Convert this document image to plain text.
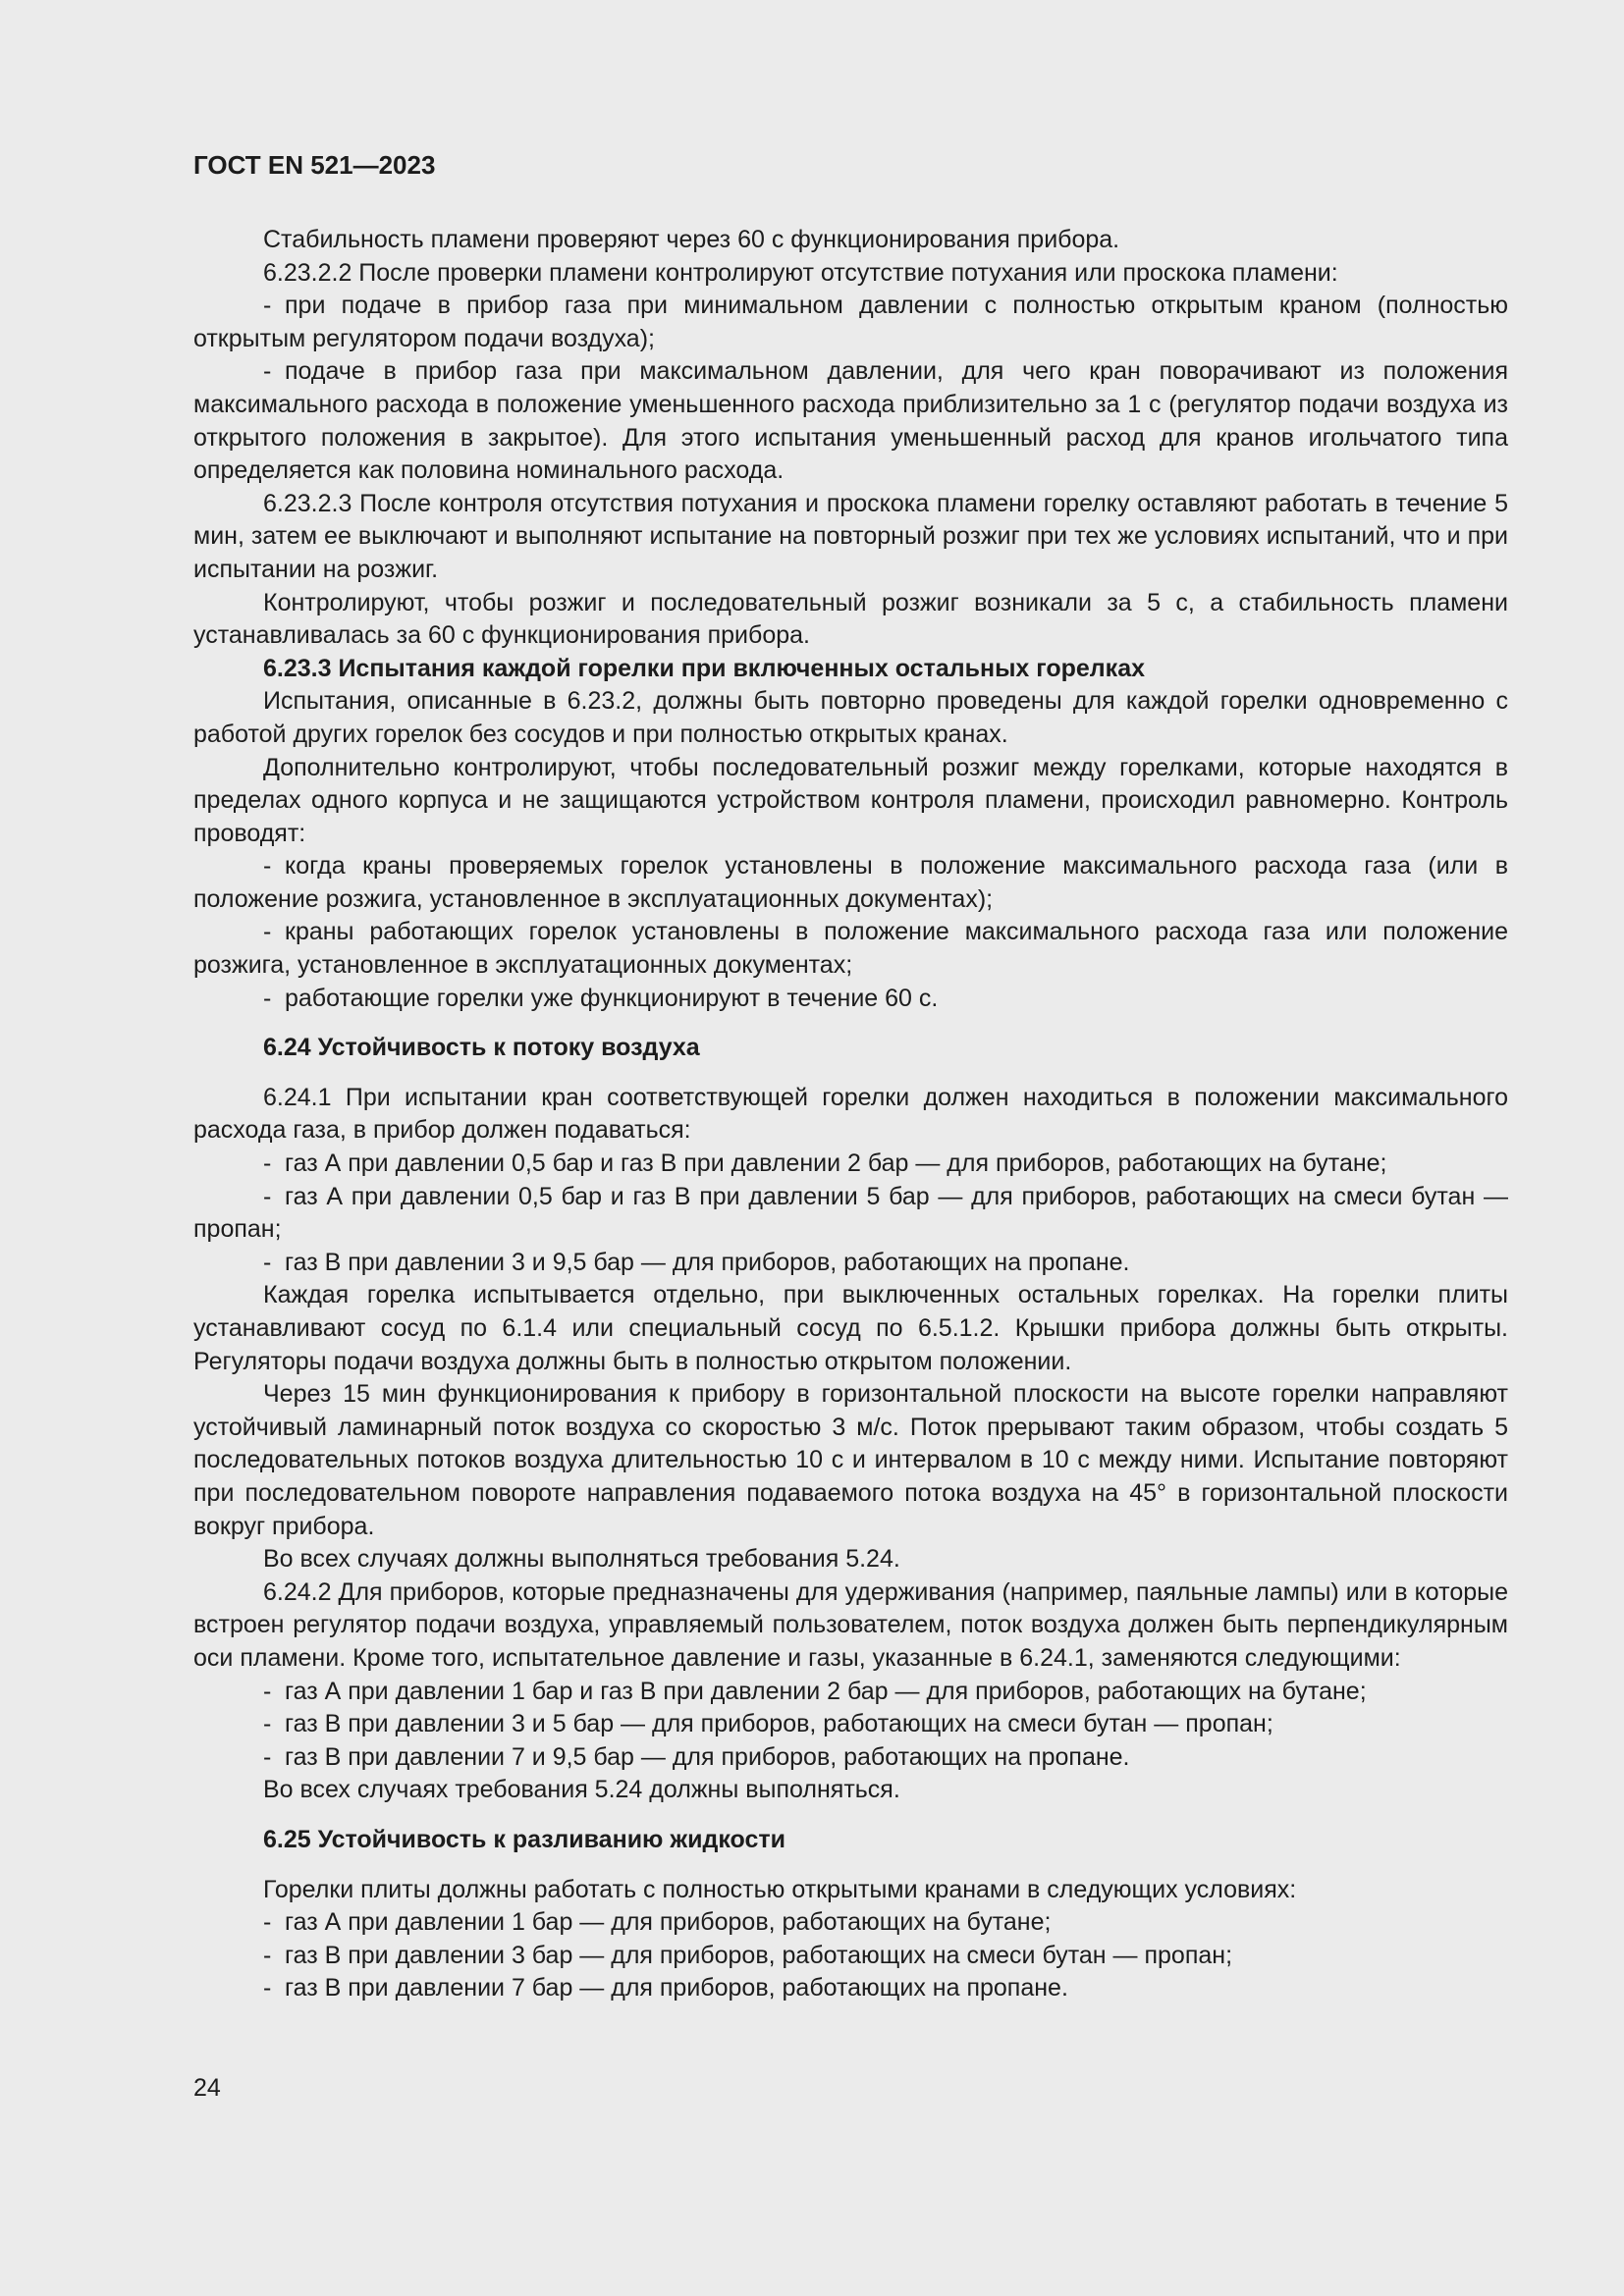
ГОСТ EN 521—2023

Стабильность пламени проверяют через 60 с функционирования прибора.

6.23.2.2 После проверки пламени контролируют отсутствие потухания или проскока пламени:

- при подаче в прибор газа при минимальном давлении с полностью открытым краном (полностью открытым регулятором подачи воздуха);

- подаче в прибор газа при максимальном давлении, для чего кран поворачивают из положения максимального расхода в положение уменьшенного расхода приблизительно за 1 с (регулятор подачи воздуха из открытого положения в закрытое). Для этого испытания уменьшенный расход для кранов игольчатого типа определяется как половина номинального расхода.

6.23.2.3 После контроля отсутствия потухания и проскока пламени горелку оставляют работать в течение 5 мин, затем ее выключают и выполняют испытание на повторный розжиг при тех же условиях испытаний, что и при испытании на розжиг.

Контролируют, чтобы розжиг и последовательный розжиг возникали за 5 с, а стабильность пламени устанавливалась за 60 с функционирования прибора.

6.23.3 Испытания каждой горелки при включенных остальных горелках

Испытания, описанные в 6.23.2, должны быть повторно проведены для каждой горелки одновременно с работой других горелок без сосудов и при полностью открытых кранах.

Дополнительно контролируют, чтобы последовательный розжиг между горелками, которые находятся в пределах одного корпуса и не защищаются устройством контроля пламени, происходил равномерно. Контроль проводят:

- когда краны проверяемых горелок установлены в положение максимального расхода газа (или в положение розжига, установленное в эксплуатационных документах);

- краны работающих горелок установлены в положение максимального расхода газа или положение розжига, установленное в эксплуатационных документах;

- работающие горелки уже функционируют в течение 60 с.

6.24 Устойчивость к потоку воздуха

6.24.1 При испытании кран соответствующей горелки должен находиться в положении максимального расхода газа, в прибор должен подаваться:

- газ А при давлении 0,5 бар и газ В при давлении 2 бар — для приборов, работающих на бутане;

- газ А при давлении 0,5 бар и газ В при давлении 5 бар — для приборов, работающих на смеси бутан — пропан;

- газ В при давлении 3 и 9,5 бар — для приборов, работающих на пропане.

Каждая горелка испытывается отдельно, при выключенных остальных горелках. На горелки плиты устанавливают сосуд по 6.1.4 или специальный сосуд по 6.5.1.2. Крышки прибора должны быть открыты. Регуляторы подачи воздуха должны быть в полностью открытом положении.

Через 15 мин функционирования к прибору в горизонтальной плоскости на высоте горелки направляют устойчивый ламинарный поток воздуха со скоростью 3 м/с. Поток прерывают таким образом, чтобы создать 5 последовательных потоков воздуха длительностью 10 с и интервалом в 10 с между ними. Испытание повторяют при последовательном повороте направления подаваемого потока воздуха на 45° в горизонтальной плоскости вокруг прибора.

Во всех случаях должны выполняться требования 5.24.

6.24.2 Для приборов, которые предназначены для удерживания (например, паяльные лампы) или в которые встроен регулятор подачи воздуха, управляемый пользователем, поток воздуха должен быть перпендикулярным оси пламени. Кроме того, испытательное давление и газы, указанные в 6.24.1, заменяются следующими:

- газ А при давлении 1 бар и газ В при давлении 2 бар — для приборов, работающих на бутане;

- газ В при давлении 3 и 5 бар — для приборов, работающих на смеси бутан — пропан;

- газ В при давлении 7 и 9,5 бар — для приборов, работающих на пропане.

Во всех случаях требования 5.24 должны выполняться.

6.25 Устойчивость к разливанию жидкости

Горелки плиты должны работать с полностью открытыми кранами в следующих условиях:

- газ А при давлении 1 бар — для приборов, работающих на бутане;

- газ В при давлении 3 бар — для приборов, работающих на смеси бутан — пропан;

- газ В при давлении 7 бар — для приборов, работающих на пропане.

24
